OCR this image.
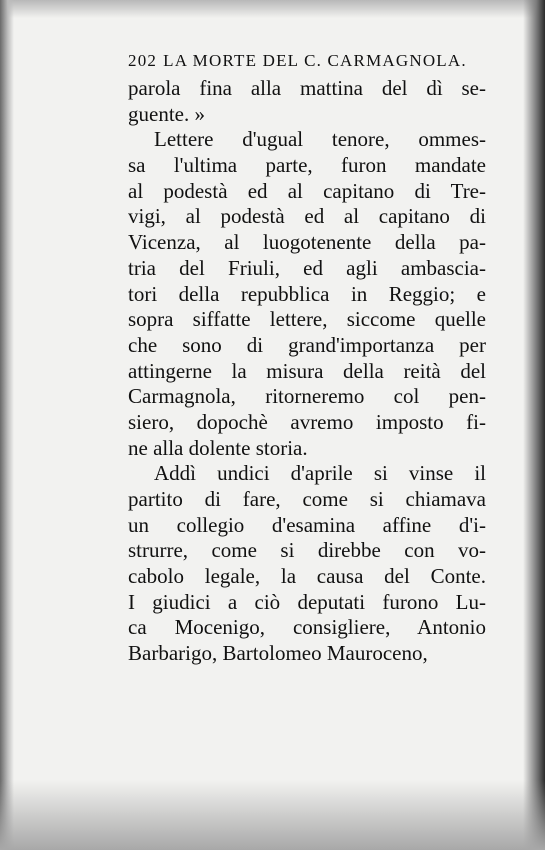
202 LA MORTE DEL C. CARMAGNOLA.
parola fina alla mattina del dì se-
guente. »
Lettere d'ugual tenore, ommes-
sa l'ultima parte, furon mandate
al podestà ed al capitano di Tre-
vigi, al podestà ed al capitano di
Vicenza, al luogotenente della pa-
tria del Friuli, ed agli ambascia-
tori della repubblica in Reggio; e
sopra siffatte lettere, siccome quelle
che sono di grand'importanza per
attingerne la misura della reità del
Carmagnola, ritorneremo col pen-
siero, dopochè avremo imposto fi-
ne alla dolente storia.
Addì undici d'aprile si vinse il
partito di fare, come si chiamava
un collegio d'esamina affine d'i-
strurre, come si direbbe con vo-
cabolo legale, la causa del Conte.
I giudici a ciò deputati furono Lu-
ca Mocenigo, consigliere, Antonio
Barbarigo, Bartolomeo Mauroceno,
